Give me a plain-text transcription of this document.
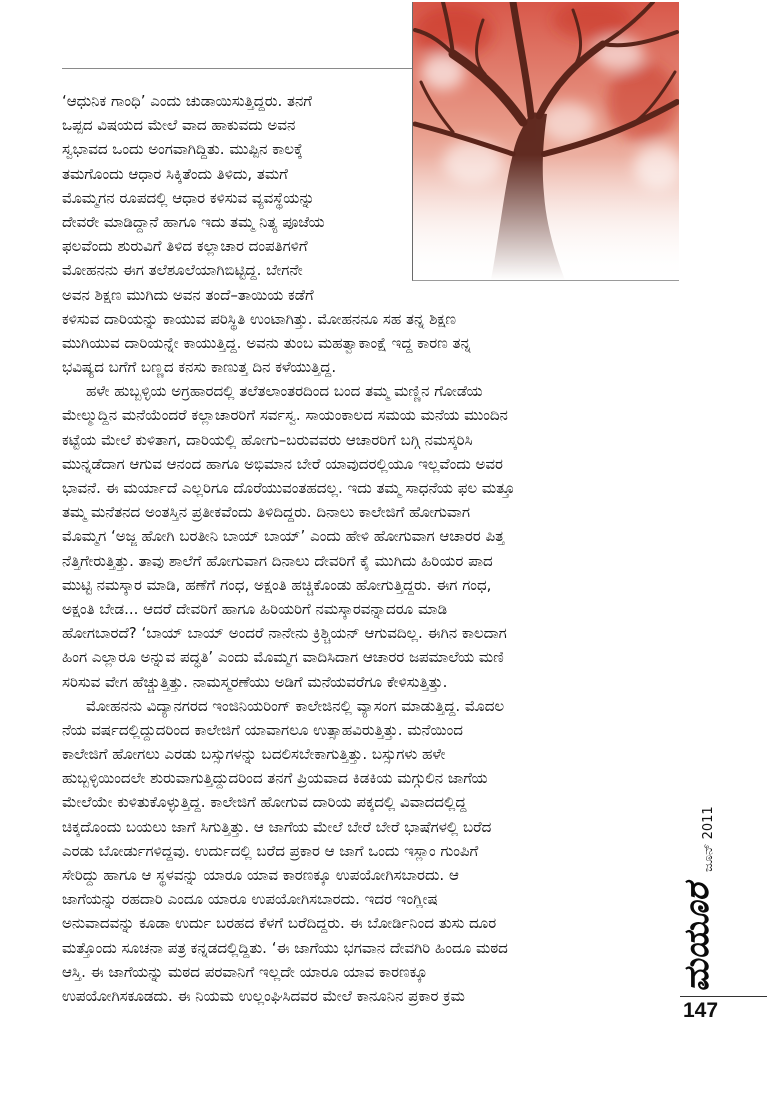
‘ಆಧುನಿಕ ಗಾಂಧಿ’ ಎಂದು ಚುಡಾಯಿಸುತ್ತಿದ್ದರು. ತನಗೆ
ಒಪ್ಪದ ವಿಷಯದ ಮೇಲೆ ವಾದ ಹಾಕುವದು ಅವನ
ಸ್ವಭಾವದ ಒಂದು ಅಂಗವಾಗಿದ್ದಿತು. ಮುಪ್ಪಿನ ಕಾಲಕ್ಕೆ
ತಮಗೊಂದು ಆಧಾರ ಸಿಕ್ಕಿತೆಂದು ತಿಳಿದು, ತಮಗೆ
ಮೊಮ್ಮಗನ ರೂಪದಲ್ಲಿ ಆಧಾರ ಕಳಿಸುವ ವ್ಯವಸ್ಥೆಯನ್ನು
ದೇವರೇ ಮಾಡಿದ್ದಾನೆ ಹಾಗೂ ಇದು ತಮ್ಮ ನಿತ್ಯ ಪೂಜೆಯ
ಫಲವೆಂದು ಶುರುವಿಗೆ ತಿಳಿದ ಕಲ್ಲಾಚಾರ ದಂಪತಿಗಳಿಗೆ
ಮೋಹನನು ಈಗ ತಲೆಶೂಲೆಯಾಗಿಬಿಟ್ಟಿದ್ದ. ಬೇಗನೇ
ಅವನ ಶಿಕ್ಷಣ ಮುಗಿದು ಅವನ ತಂದೆ–ತಾಯಿಯ ಕಡೆಗೆ
ಕಳಿಸುವ ದಾರಿಯನ್ನು ಕಾಯುವ ಪರಿಸ್ಥಿತಿ ಉಂಟಾಗಿತ್ತು. ಮೋಹನನೂ ಸಹ ತನ್ನ ಶಿಕ್ಷಣ
ಮುಗಿಯುವ ದಾರಿಯನ್ನೇ ಕಾಯುತ್ತಿದ್ದ. ಅವನು ತುಂಬ ಮಹತ್ವಾಕಾಂಕ್ಷೆ ಇದ್ದ ಕಾರಣ ತನ್ನ
ಭವಿಷ್ಯದ ಬಗೆಗೆ ಬಣ್ಣದ ಕನಸು ಕಾಣುತ್ತ ದಿನ ಕಳೆಯುತ್ತಿದ್ದ.
ಹಳೇ ಹುಬ್ಬಳ್ಳಿಯ ಅಗ್ರಹಾರದಲ್ಲಿ ತಲೆತಲಾಂತರದಿಂದ ಬಂದ ತಮ್ಮ ಮಣ್ಣಿನ ಗೋಡೆಯ
ಮೇಲ್ಮುದ್ದಿನ ಮನೆಯೆಂದರೆ ಕಲ್ಲಾಚಾರರಿಗೆ ಸರ್ವಸ್ವ. ಸಾಯಂಕಾಲದ ಸಮಯ ಮನೆಯ ಮುಂದಿನ
ಕಟ್ಟೆಯ ಮೇಲೆ ಕುಳಿತಾಗ, ದಾರಿಯಲ್ಲಿ ಹೋಗು–ಬರುವವರು ಆಚಾರರಿಗೆ ಬಗ್ಗಿ ನಮಸ್ಕರಿಸಿ
ಮುನ್ನಡೆದಾಗ ಆಗುವ ಆನಂದ ಹಾಗೂ ಅಭಿಮಾನ ಬೇರೆ ಯಾವುದರಲ್ಲಿಯೂ ಇಲ್ಲವೆಂದು ಅವರ
ಭಾವನೆ. ಈ ಮರ್ಯಾದೆ ಎಲ್ಲರಿಗೂ ದೊರೆಯುವಂತಹದಲ್ಲ. ಇದು ತಮ್ಮ ಸಾಧನೆಯ ಫಲ ಮತ್ತೂ
ತಮ್ಮ ಮನೆತನದ ಅಂತಸ್ತಿನ ಪ್ರತೀಕವೆಂದು ತಿಳಿದಿದ್ದರು. ದಿನಾಲು ಕಾಲೇಜಿಗೆ ಹೋಗುವಾಗ
ಮೊಮ್ಮಗ ‘ಅಜ್ಜ ಹೋಗಿ ಬರತೀನಿ ಬಾಯ್ ಬಾಯ್’ ಎಂದು ಹೇಳಿ ಹೋಗುವಾಗ ಆಚಾರರ ಪಿತ್ತ
ನೆತ್ತಿಗೇರುತ್ತಿತ್ತು. ತಾವು ಶಾಲೆಗೆ ಹೋಗುವಾಗ ದಿನಾಲು ದೇವರಿಗೆ ಕೈ ಮುಗಿದು ಹಿರಿಯರ ಪಾದ
ಮುಟ್ಟಿ ನಮಸ್ಕಾರ ಮಾಡಿ, ಹಣೆಗೆ ಗಂಧ, ಅಕ್ಷಂತಿ ಹಚ್ಚಿಕೊಂಡು ಹೋಗುತ್ತಿದ್ದರು. ಈಗ ಗಂಧ,
ಅಕ್ಷಂತಿ ಬೇಡ... ಆದರೆ ದೇವರಿಗೆ ಹಾಗೂ ಹಿರಿಯರಿಗೆ ನಮಸ್ಕಾರವನ್ನಾದರೂ ಮಾಡಿ
ಹೋಗಬಾರದೆ? ‘ಬಾಯ್ ಬಾಯ್ ಅಂದರೆ ನಾನೇನು ಕ್ರಿಶ್ಚಿಯನ್ ಆಗುವದಿಲ್ಲ. ಈಗಿನ ಕಾಲದಾಗ
ಹಿಂಗ ಎಲ್ಲಾರೂ ಅನ್ನುವ ಪದ್ಧತಿ’ ಎಂದು ಮೊಮ್ಮಗ ವಾದಿಸಿದಾಗ ಆಚಾರರ ಜಪಮಾಲೆಯ ಮಣಿ
ಸರಿಸುವ ವೇಗ ಹೆಚ್ಚುತ್ತಿತ್ತು. ನಾಮಸ್ಮರಣೆಯು ಅಡಿಗೆ ಮನೆಯವರೆಗೂ ಕೇಳಿಸುತ್ತಿತ್ತು.
ಮೋಹನನು ವಿದ್ಯಾನಗರದ ಇಂಜಿನಿಯರಿಂಗ್ ಕಾಲೇಜಿನಲ್ಲಿ ವ್ಯಾಸಂಗ ಮಾಡುತ್ತಿದ್ದ. ಮೊದಲ
ನೆಯ ವರ್ಷದಲ್ಲಿದ್ದುದರಿಂದ ಕಾಲೇಜಿಗೆ ಯಾವಾಗಲೂ ಉತ್ಸಾಹವಿರುತ್ತಿತ್ತು. ಮನೆಯಿಂದ
ಕಾಲೇಜಿಗೆ ಹೋಗಲು ಎರಡು ಬಸ್ಸುಗಳನ್ನು ಬದಲಿಸಬೇಕಾಗುತ್ತಿತ್ತು. ಬಸ್ಸುಗಳು ಹಳೇ
ಹುಬ್ಬಳ್ಳಿಯಿಂದಲೇ ಶುರುವಾಗುತ್ತಿದ್ದುದರಿಂದ ತನಗೆ ಪ್ರಿಯವಾದ ಕಿಡಕಿಯ ಮಗ್ಗುಲಿನ ಜಾಗೆಯ
ಮೇಲೆಯೇ ಕುಳಿತುಕೊಳ್ಳುತ್ತಿದ್ದ. ಕಾಲೇಜಿಗೆ ಹೋಗುವ ದಾರಿಯ ಪಕ್ಕದಲ್ಲಿ ವಿವಾದದಲ್ಲಿದ್ದ
ಚಿಕ್ಕದೊಂದು ಬಯಲು ಜಾಗೆ ಸಿಗುತ್ತಿತ್ತು. ಆ ಜಾಗೆಯ ಮೇಲೆ ಬೇರೆ ಬೇರೆ ಭಾಷೆಗಳಲ್ಲಿ ಬರೆದ
ಎರಡು ಬೋರ್ಡುಗಳಿದ್ದವು. ಉರ್ದುದಲ್ಲಿ ಬರೆದ ಪ್ರಕಾರ ಆ ಜಾಗೆ ಒಂದು ಇಸ್ಲಾಂ ಗುಂಪಿಗೆ
ಸೇರಿದ್ದು ಹಾಗೂ ಆ ಸ್ಥಳವನ್ನು ಯಾರೂ ಯಾವ ಕಾರಣಕ್ಕೂ ಉಪಯೋಗಿಸಬಾರದು. ಆ
ಜಾಗೆಯನ್ನು ರಹದಾರಿ ಎಂದೂ ಯಾರೂ ಉಪಯೋಗಿಸಬಾರದು. ಇದರ ಇಂಗ್ಲೀಷ
ಅನುವಾದವನ್ನು ಕೂಡಾ ಉರ್ದು ಬರಹದ ಕೆಳಗೆ ಬರೆದಿದ್ದರು. ಈ ಬೋರ್ಡಿನಿಂದ ತುಸು ದೂರ
ಮತ್ತೊಂದು ಸೂಚನಾ ಪತ್ರ ಕನ್ನಡದಲ್ಲಿದ್ದಿತು. ‘ಈ ಜಾಗೆಯು ಭಗವಾನ ದೇವಗಿರಿ ಹಿಂದೂ ಮಠದ
ಆಸ್ತಿ. ಈ ಜಾಗೆಯನ್ನು ಮಠದ ಪರವಾನಿಗೆ ಇಲ್ಲದೇ ಯಾರೂ ಯಾವ ಕಾರಣಕ್ಕೂ
ಉಪಯೋಗಿಸಕೂಡದು. ಈ ನಿಯಮ ಉಲ್ಲಂಘಿಸಿದವರ ಮೇಲೆ ಕಾನೂನಿನ ಪ್ರಕಾರ ಕ್ರಮ
ಜೂನ್ 2011
ಮಯೂರ
147
